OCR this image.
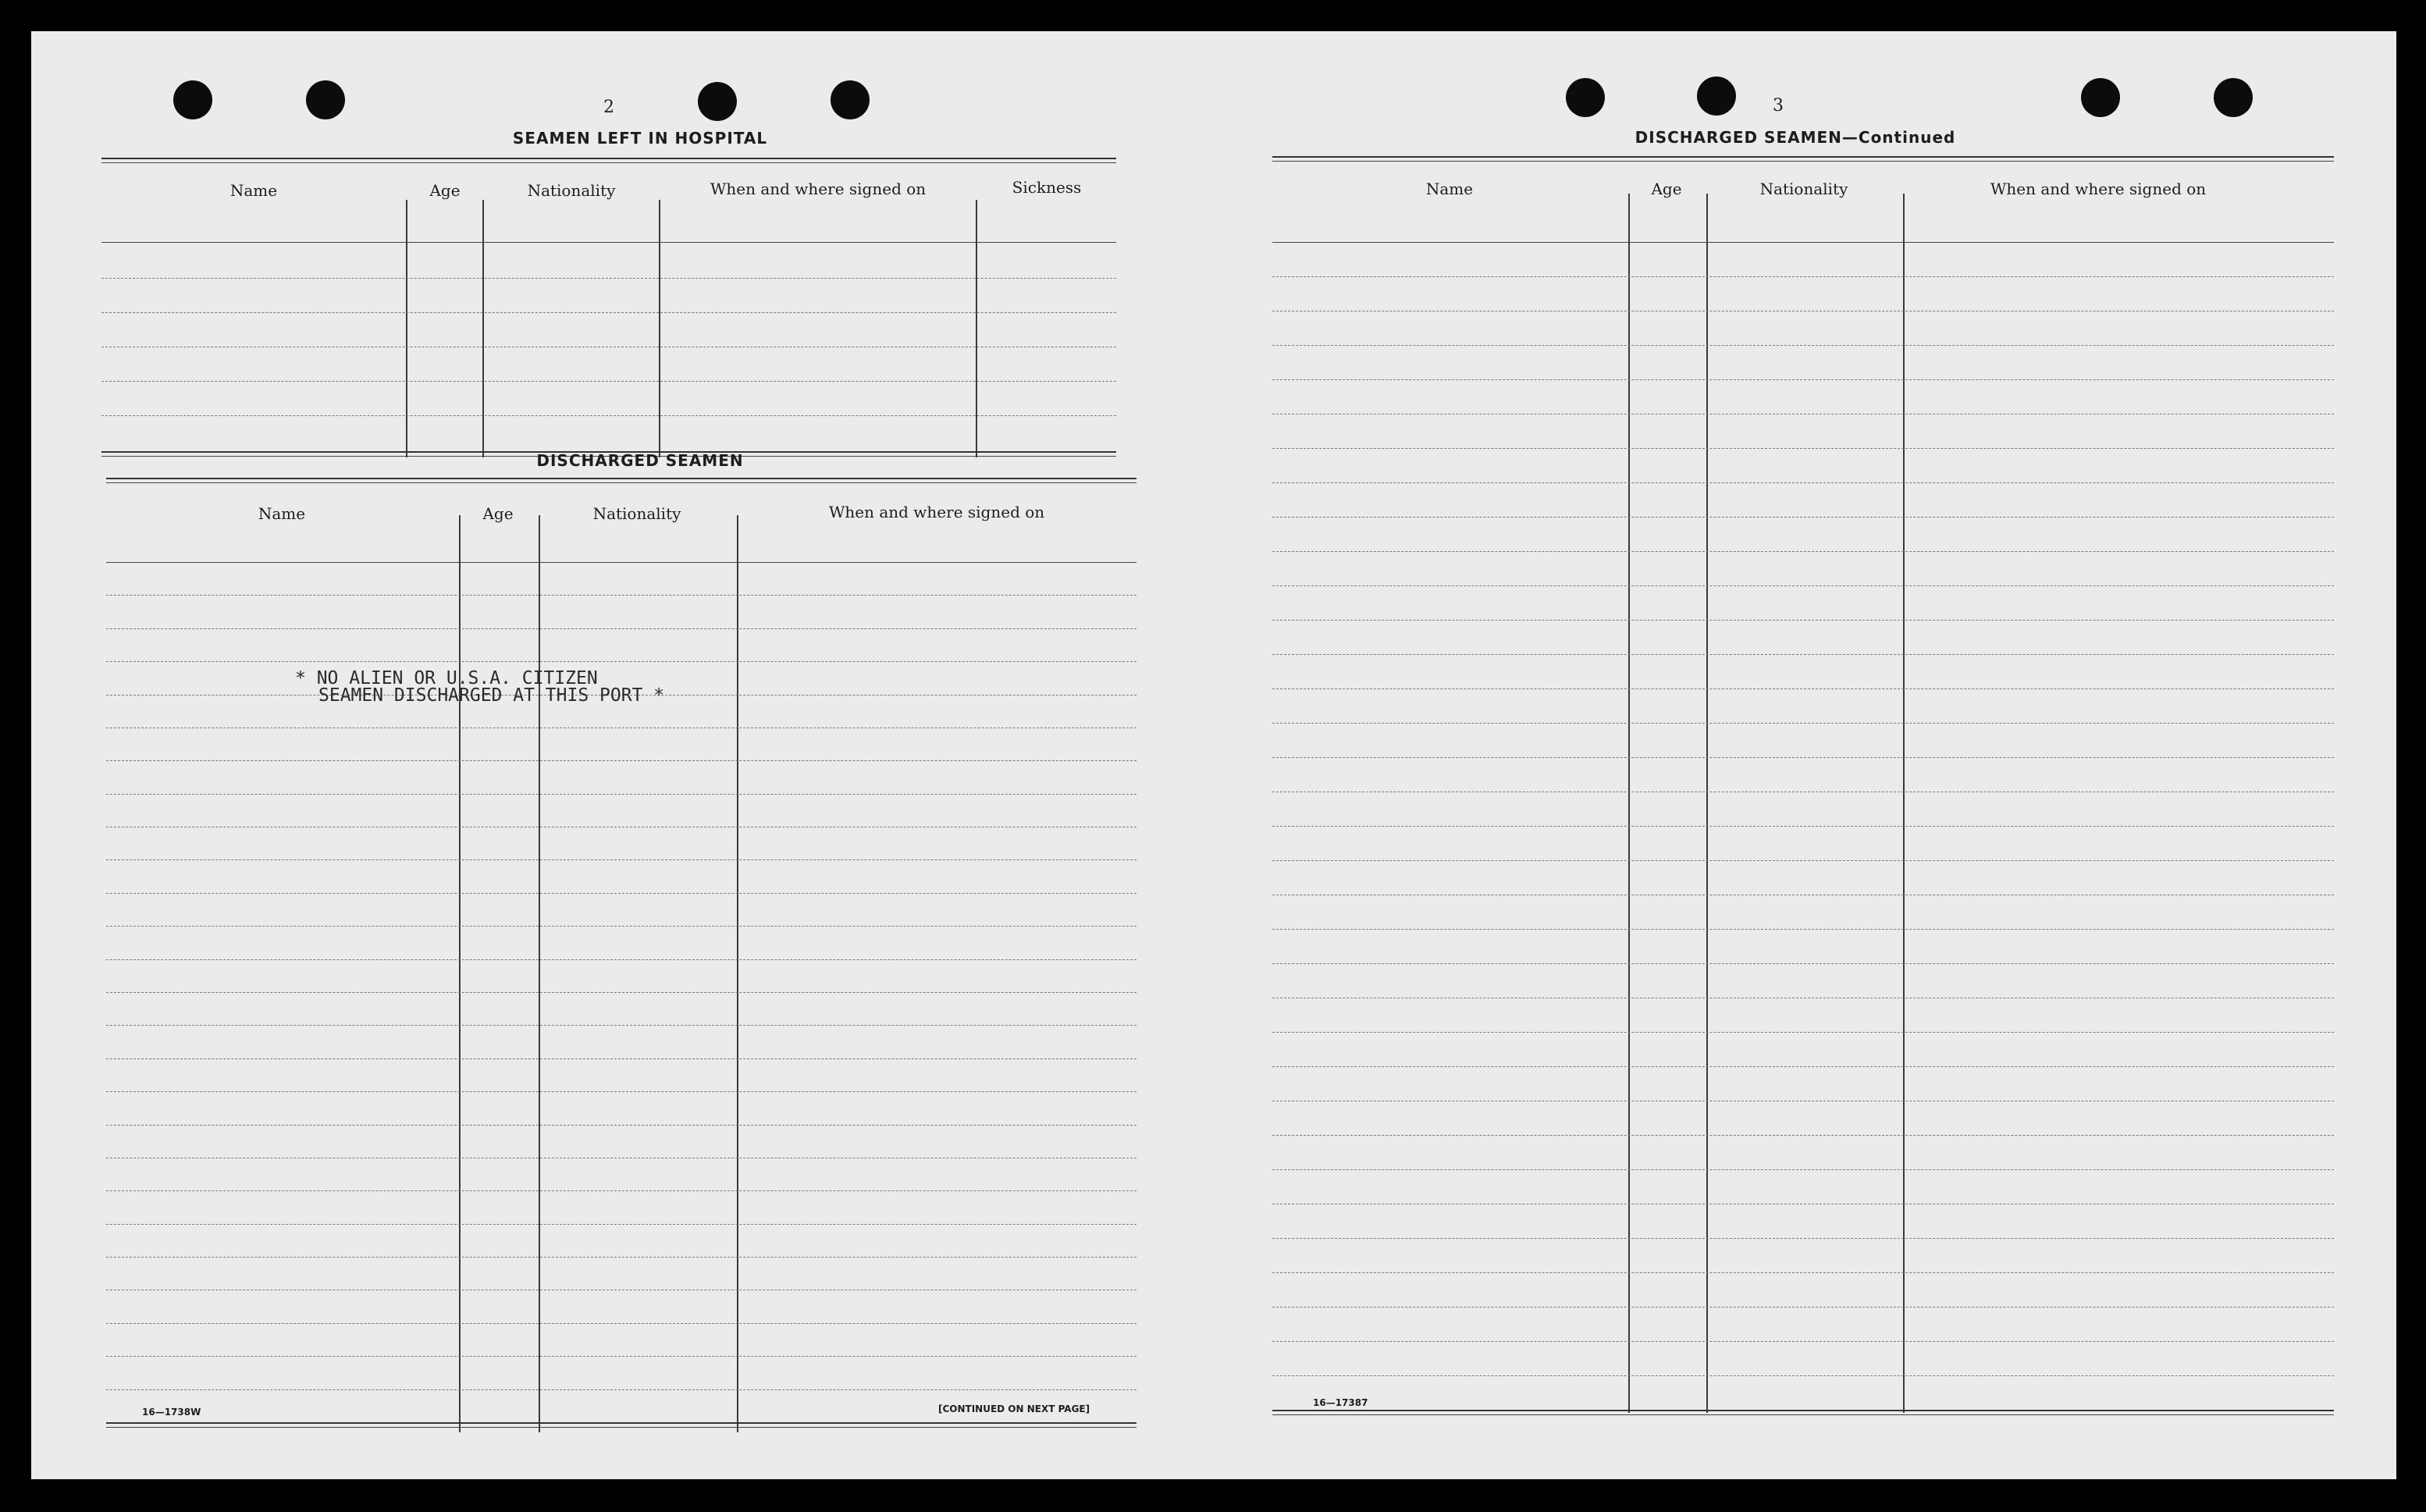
2
SEAMEN LEFT IN HOSPITAL
Name	Age	Nationality	When and where signed on	Sickness
DISCHARGED SEAMEN
Name	Age	Nationality	When and where signed on
* NO ALIEN OR U.S.A. CITIZEN
SEAMEN DISCHARGED AT THIS PORT *
16—1738W	[CONTINUED ON NEXT PAGE]
3
DISCHARGED SEAMEN—Continued
Name	Age	Nationality	When and where signed on
16—17387
